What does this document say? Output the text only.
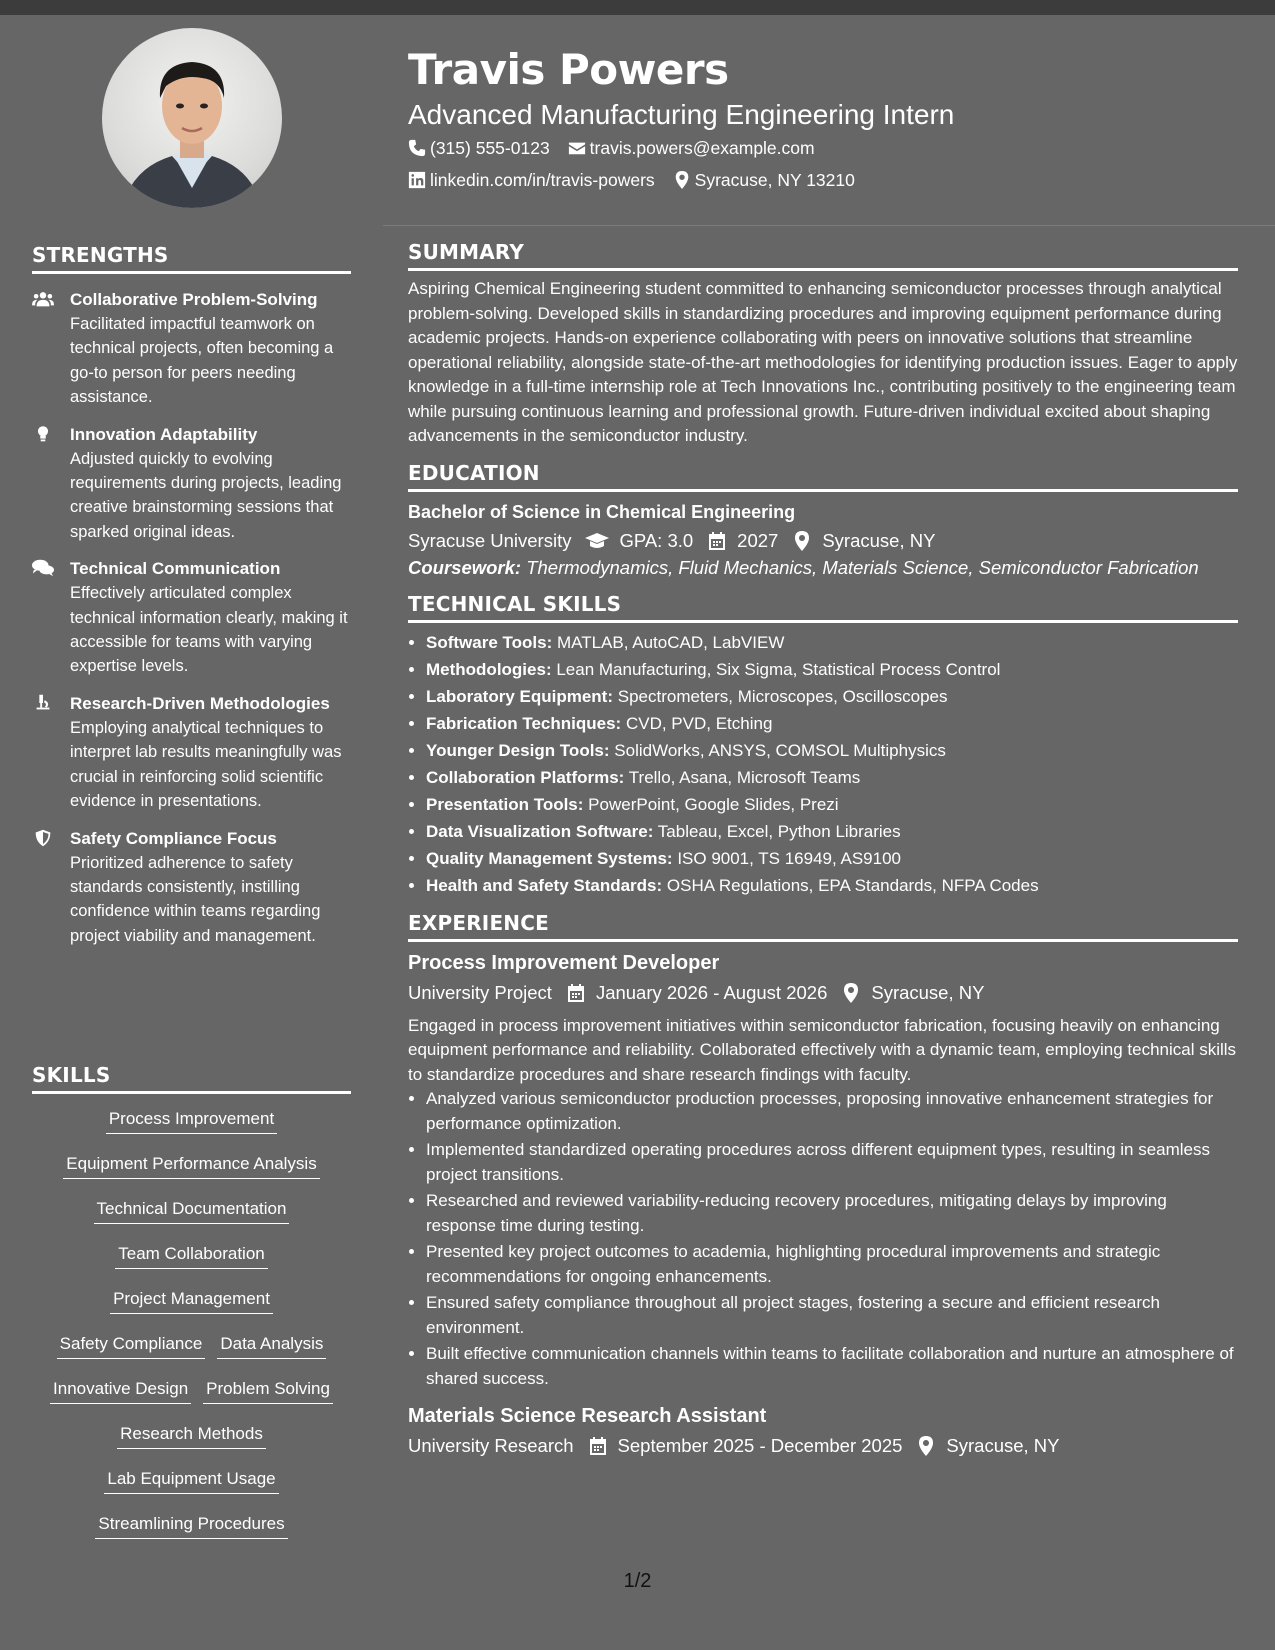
STRENGTHS
Collaborative Problem-Solving
Facilitated impactful teamwork on technical projects, often becoming a go-to person for peers needing assistance.
Innovation Adaptability
Adjusted quickly to evolving requirements during projects, leading creative brainstorming sessions that sparked original ideas.
Technical Communication
Effectively articulated complex technical information clearly, making it accessible for teams with varying expertise levels.
Research-Driven Methodologies
Employing analytical techniques to interpret lab results meaningfully was crucial in reinforcing solid scientific evidence in presentations.
Safety Compliance Focus
Prioritized adherence to safety standards consistently, instilling confidence within teams regarding project viability and management.
SKILLS
Process Improvement
Equipment Performance Analysis
Technical Documentation
Team Collaboration
Project Management
Safety Compliance Data Analysis
Innovative Design Problem Solving
Research Methods
Lab Equipment Usage
Streamlining Procedures
Travis Powers
Advanced Manufacturing Engineering Intern
(315) 555-0123 travis.powers@example.com
linkedin.com/in/travis-powers Syracuse, NY 13210
SUMMARY

Aspiring Chemical Engineering student committed to enhancing semiconductor processes through analytical problem-solving. Developed skills in standardizing procedures and improving equipment performance during academic projects. Hands-on experience collaborating with peers on innovative solutions that streamline operational reliability, alongside state-of-the-art methodologies for identifying production issues. Eager to apply knowledge in a full-time internship role at Tech Innovations Inc., contributing positively to the engineering team while pursuing continuous learning and professional growth. Future-driven individual excited about shaping advancements in the semiconductor industry.

EDUCATION
Bachelor of Science in Chemical Engineering
Syracuse University	GPA: 3.0 2027 Syracuse, NY
Coursework: Thermodynamics, Fluid Mechanics, Materials Science, Semiconductor Fabrication
TECHNICAL SKILLS
• Software Tools: MATLAB, AutoCAD, LabVIEW
• Methodologies: Lean Manufacturing, Six Sigma, Statistical Process Control
• Laboratory Equipment: Spectrometers, Microscopes, Oscilloscopes
• Fabrication Techniques: CVD, PVD, Etching
• Younger Design Tools: SolidWorks, ANSYS, COMSOL Multiphysics
• Collaboration Platforms: Trello, Asana, Microsoft Teams
• Presentation Tools: PowerPoint, Google Slides, Prezi
• Data Visualization Software: Tableau, Excel, Python Libraries
• Quality Management Systems: ISO 9001, TS 16949, AS9100
• Health and Safety Standards: OSHA Regulations, EPA Standards, NFPA Codes
EXPERIENCE
Process Improvement Developer
University Project January 2026 - August 2026 Syracuse, NY
Engaged in process improvement initiatives within semiconductor fabrication, focusing heavily on enhancing equipment performance and reliability. Collaborated effectively with a dynamic team, employing technical skills to standardize procedures and share research findings with faculty.
• Analyzed various semiconductor production processes, proposing innovative enhancement strategies for performance optimization.
• Implemented standardized operating procedures across different equipment types, resulting in seamless project transitions.
• Researched and reviewed variability-reducing recovery procedures, mitigating delays by improving response time during testing.
• Presented key project outcomes to academia, highlighting procedural improvements and strategic recommendations for ongoing enhancements.
• Ensured safety compliance throughout all project stages, fostering a secure and efficient research environment.
• Built effective communication channels within teams to facilitate collaboration and nurture an atmosphere of shared success.
Materials Science Research Assistant
University Research September 2025 - December 2025 Syracuse, NY
1/2
